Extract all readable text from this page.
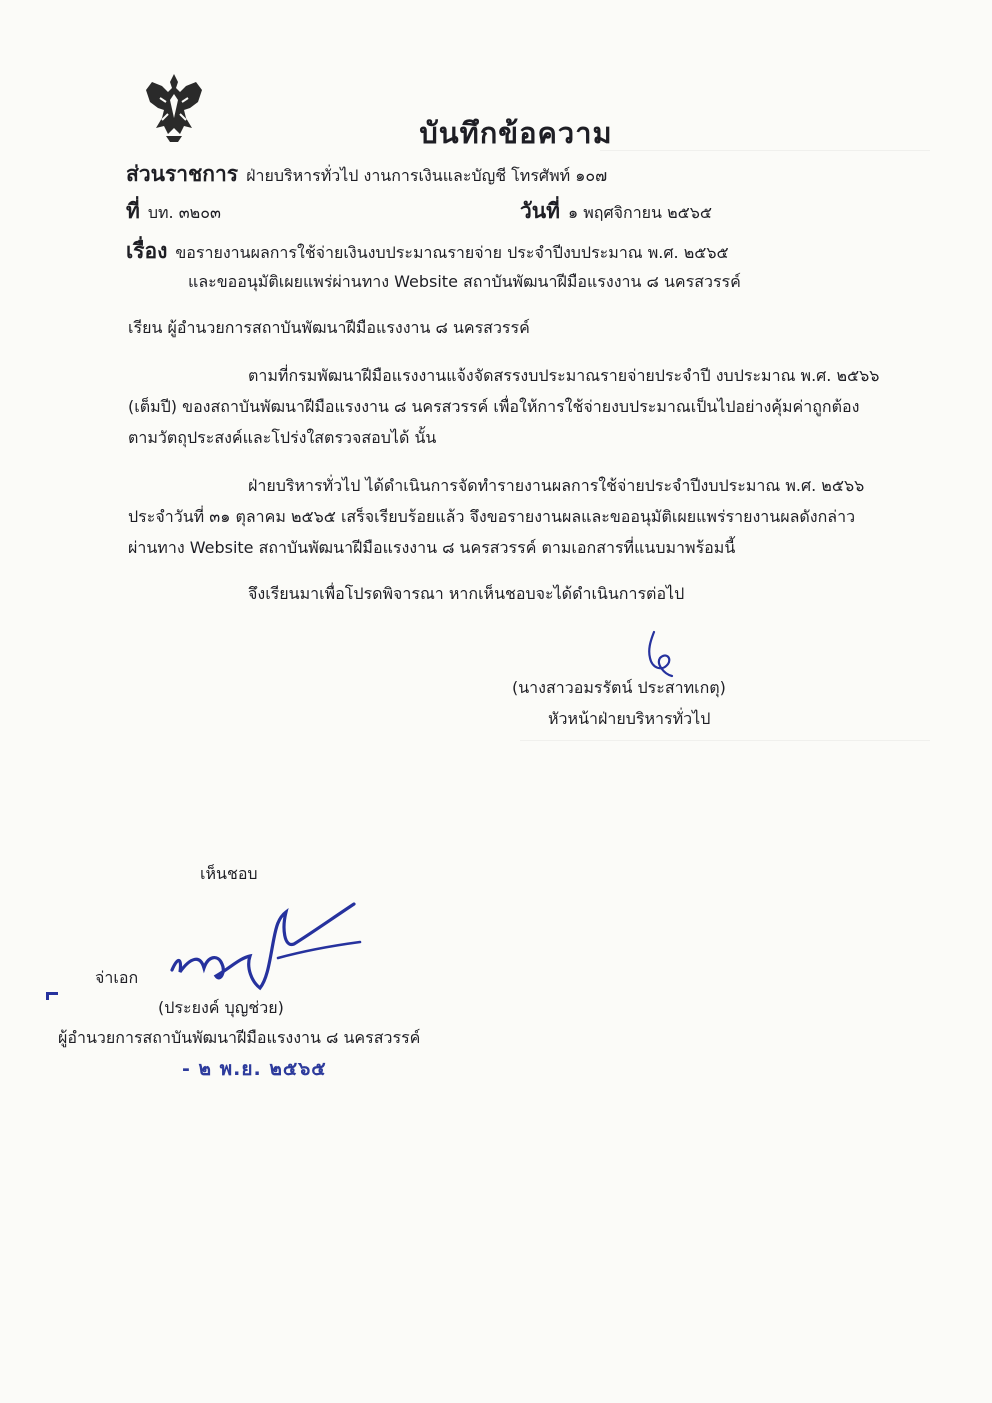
บันทึกข้อความ
ส่วนราชการ ฝ่ายบริหารทั่วไป งานการเงินและบัญชี โทรศัพท์ ๑๐๗
ที่ บท. ๓๒๐๓	วันที่ ๑ พฤศจิกายน ๒๕๖๕
เรื่อง ขอรายงานผลการใช้จ่ายเงินงบประมาณรายจ่าย ประจำปีงบประมาณ พ.ศ. ๒๕๖๕
และขออนุมัติเผยแพร่ผ่านทาง Website สถาบันพัฒนาฝีมือแรงงาน ๘ นครสวรรค์
เรียน ผู้อำนวยการสถาบันพัฒนาฝีมือแรงงาน ๘ นครสวรรค์
ตามที่กรมพัฒนาฝีมือแรงงานแจ้งจัดสรรงบประมาณรายจ่ายประจำปี งบประมาณ พ.ศ. ๒๕๖๖
(เต็มปี) ของสถาบันพัฒนาฝีมือแรงงาน ๘ นครสวรรค์ เพื่อให้การใช้จ่ายงบประมาณเป็นไปอย่างคุ้มค่าถูกต้อง
ตามวัตถุประสงค์และโปร่งใสตรวจสอบได้ นั้น
ฝ่ายบริหารทั่วไป ได้ดำเนินการจัดทำรายงานผลการใช้จ่ายประจำปีงบประมาณ พ.ศ. ๒๕๖๖
ประจำวันที่ ๓๑ ตุลาคม ๒๕๖๕ เสร็จเรียบร้อยแล้ว จึงขอรายงานผลและขออนุมัติเผยแพร่รายงานผลดังกล่าว
ผ่านทาง Website สถาบันพัฒนาฝีมือแรงงาน ๘ นครสวรรค์ ตามเอกสารที่แนบมาพร้อมนี้
จึงเรียนมาเพื่อโปรดพิจารณา หากเห็นชอบจะได้ดำเนินการต่อไป
(นางสาวอมรรัตน์ ประสาทเกตุ)
หัวหน้าฝ่ายบริหารทั่วไป
เห็นชอบ
จ่าเอก
(ประยงค์ บุญช่วย)
ผู้อำนวยการสถาบันพัฒนาฝีมือแรงงาน ๘ นครสวรรค์
- ๒ พ.ย. ๒๕๖๕
